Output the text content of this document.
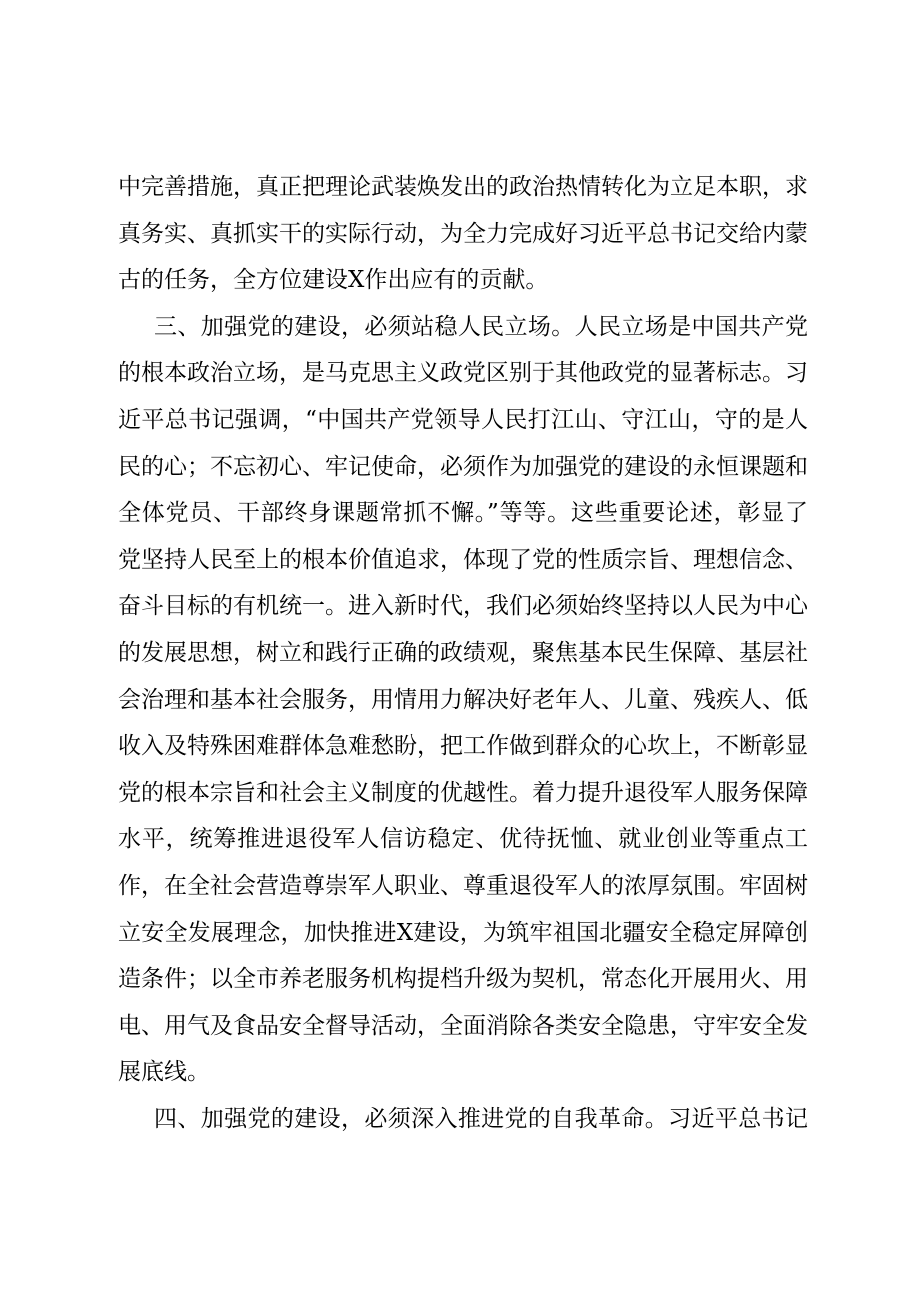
中完善措施，真正把理论武装焕发出的政治热情转化为立足本职，求
真务实、真抓实干的实际行动，为全力完成好习近平总书记交给内蒙
古的任务，全方位建设X作出应有的贡献。
三、加强党的建设，必须站稳人民立场。人民立场是中国共产党
的根本政治立场，是马克思主义政党区别于其他政党的显著标志。习
近平总书记强调，“中国共产党领导人民打江山、守江山，守的是人
民的心；不忘初心、牢记使命，必须作为加强党的建设的永恒课题和
全体党员、干部终身课题常抓不懈。”等等。这些重要论述，彰显了
党坚持人民至上的根本价值追求，体现了党的性质宗旨、理想信念、
奋斗目标的有机统一。进入新时代，我们必须始终坚持以人民为中心
的发展思想，树立和践行正确的政绩观，聚焦基本民生保障、基层社
会治理和基本社会服务，用情用力解决好老年人、儿童、残疾人、低
收入及特殊困难群体急难愁盼，把工作做到群众的心坎上，不断彰显
党的根本宗旨和社会主义制度的优越性。着力提升退役军人服务保障
水平，统筹推进退役军人信访稳定、优待抚恤、就业创业等重点工
作，在全社会营造尊崇军人职业、尊重退役军人的浓厚氛围。牢固树
立安全发展理念，加快推进X建设，为筑牢祖国北疆安全稳定屏障创
造条件；以全市养老服务机构提档升级为契机，常态化开展用火、用
电、用气及食品安全督导活动，全面消除各类安全隐患，守牢安全发
展底线。
四、加强党的建设，必须深入推进党的自我革命。习近平总书记
